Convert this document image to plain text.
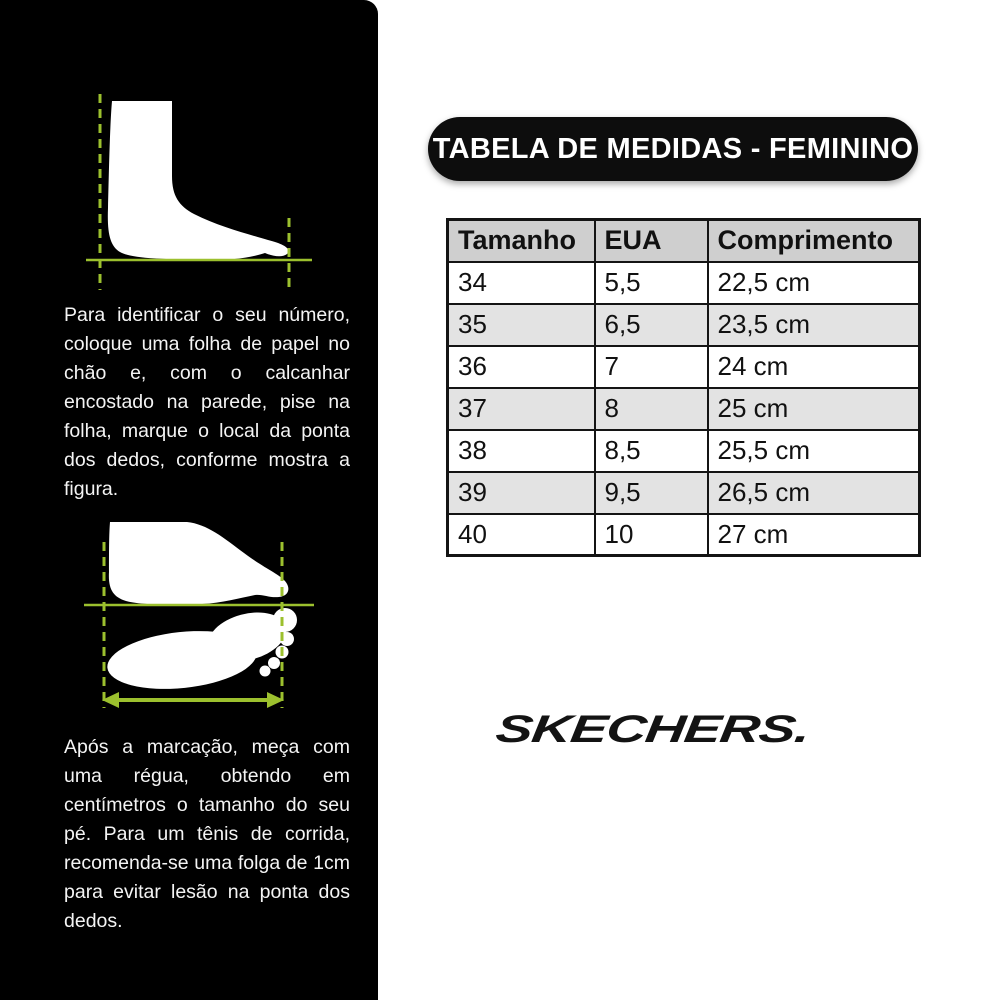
Para identificar o seu número, coloque uma folha de papel no chão e, com o calcanhar encostado na parede, pise na folha, marque o local da ponta dos dedos, conforme mostra a figura.

Após a marcação, meça com uma régua, obtendo em centímetros o tamanho do seu pé. Para um tênis de corrida, recomenda-se uma folga de 1cm para evitar lesão na ponta dos dedos.

TABELA DE MEDIDAS - FEMININO
Tamanho	EUA	Comprimento
34	5,5	22,5 cm
35	6,5	23,5 cm
36	7	24 cm
37	8	25 cm
38	8,5	25,5 cm
39	9,5	26,5 cm
40	10	27 cm
SKECHERS.
